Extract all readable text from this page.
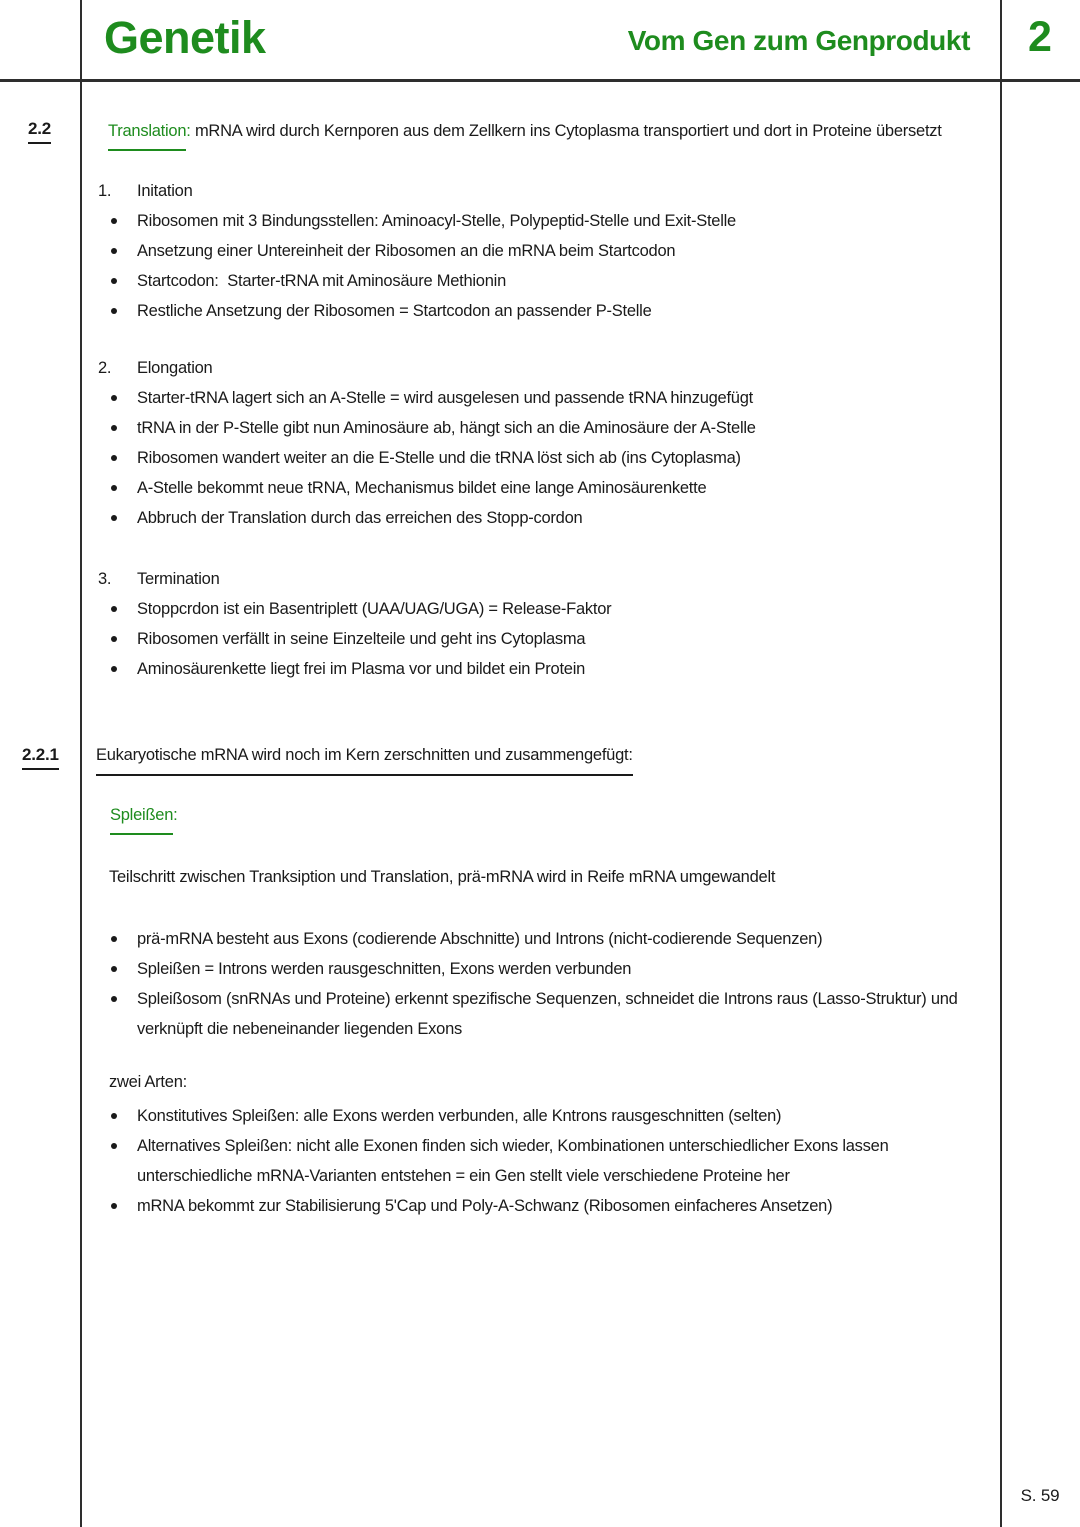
Genetik	Vom Gen zum Genprodukt	2
2.2
2.2.1
Translation: mRNA wird durch Kernporen aus dem Zellkern ins Cytoplasma transportiert und dort in Proteine übersetzt
1. Initation
Ribosomen mit 3 Bindungsstellen: Aminoacyl-Stelle, Polypeptid-Stelle und Exit-Stelle
Ansetzung einer Untereinheit der Ribosomen an die mRNA beim Startcodon
Startcodon:  Starter-tRNA mit Aminosäure Methionin
Restliche Ansetzung der Ribosomen = Startcodon an passender P-Stelle
2. Elongation
Starter-tRNA lagert sich an A-Stelle = wird ausgelesen und passende tRNA hinzugefügt
tRNA in der P-Stelle gibt nun Aminosäure ab, hängt sich an die Aminosäure der A-Stelle
Ribosomen wandert weiter an die E-Stelle und die tRNA löst sich ab (ins Cytoplasma)
A-Stelle bekommt neue tRNA, Mechanismus bildet eine lange Aminosäurenkette
Abbruch der Translation durch das erreichen des Stopp-cordon
3. Termination
Stoppcrdon ist ein Basentriplett (UAA/UAG/UGA) = Release-Faktor
Ribosomen verfällt in seine Einzelteile und geht ins Cytoplasma
Aminosäurenkette liegt frei im Plasma vor und bildet ein Protein
Eukaryotische mRNA wird noch im Kern zerschnitten und zusammengefügt:
Spleißen:
Teilschritt zwischen Tranksiption und Translation, prä-mRNA wird in Reife mRNA umgewandelt
prä-mRNA besteht aus Exons (codierende Abschnitte) und Introns (nicht-codierende Sequenzen)
Spleißen = Introns werden rausgeschnitten, Exons werden verbunden
Spleißosom (snRNAs und Proteine) erkennt spezifische Sequenzen, schneidet die Introns raus (Lasso-Struktur) und verknüpft die nebeneinander liegenden Exons
zwei Arten:
Konstitutives Spleißen: alle Exons werden verbunden, alle Kntrons rausgeschnitten (selten)
Alternatives Spleißen: nicht alle Exonen finden sich wieder, Kombinationen unterschiedlicher Exons lassen unterschiedliche mRNA-Varianten entstehen = ein Gen stellt viele verschiedene Proteine her
mRNA bekommt zur Stabilisierung 5'Cap und Poly-A-Schwanz (Ribosomen einfacheres Ansetzen)
S. 59
